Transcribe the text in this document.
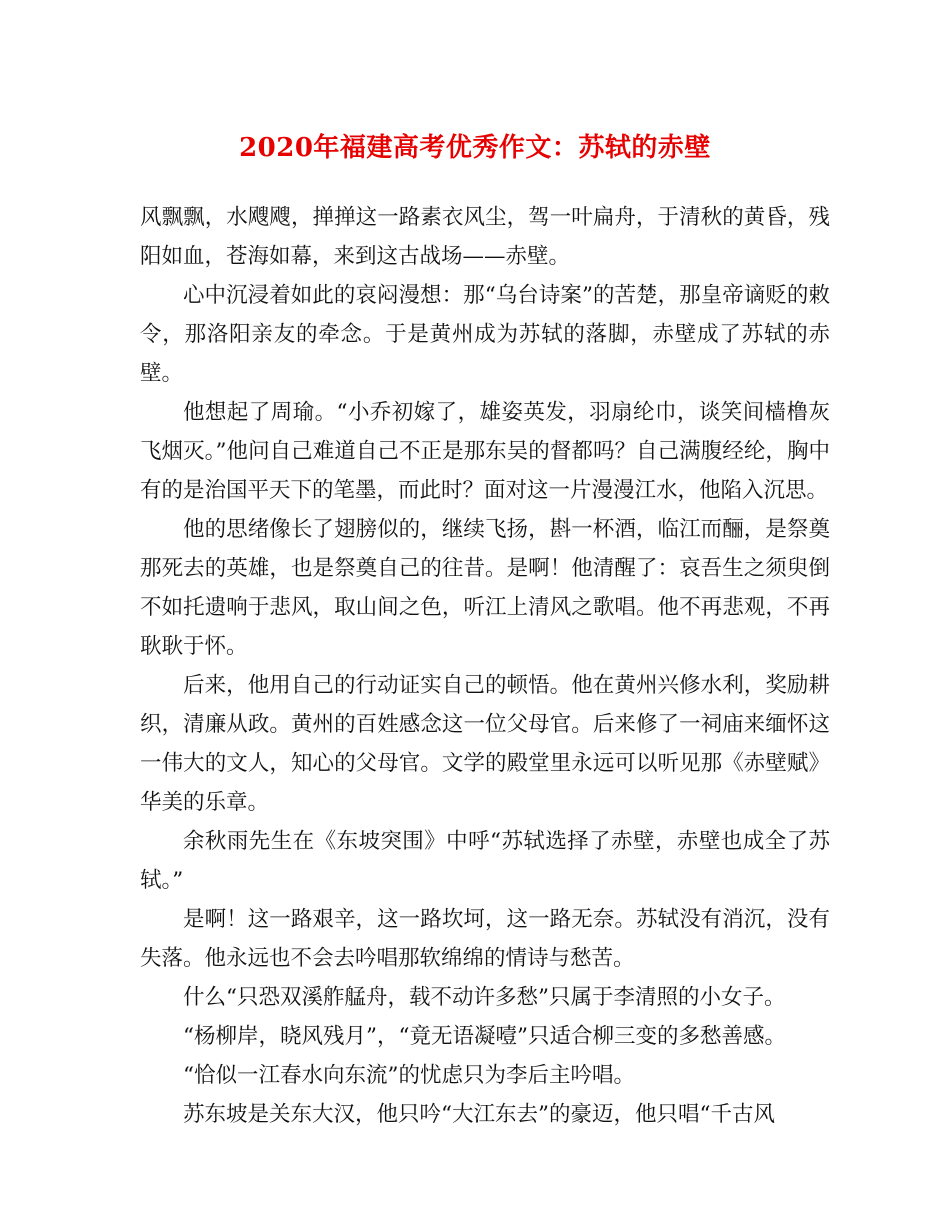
2020年福建高考优秀作文：苏轼的赤壁

风飘飘，水飕飕，掸掸这一路素衣风尘，驾一叶扁舟，于清秋的黄昏，残阳如血，苍海如幕，来到这古战场——赤壁。

心中沉浸着如此的哀闷漫想：那“乌台诗案”的苦楚，那皇帝谪贬的敕令，那洛阳亲友的牵念。于是黄州成为苏轼的落脚，赤壁成了苏轼的赤壁。

他想起了周瑜。“小乔初嫁了，雄姿英发，羽扇纶巾，谈笑间樯橹灰飞烟灭。”他问自己难道自己不正是那东吴的督都吗？自己满腹经纶，胸中有的是治国平天下的笔墨，而此时？面对这一片漫漫江水，他陷入沉思。

他的思绪像长了翅膀似的，继续飞扬，斟一杯酒，临江而酾，是祭奠那死去的英雄，也是祭奠自己的往昔。是啊！他清醒了：哀吾生之须臾倒不如托遗响于悲风，取山间之色，听江上清风之歌唱。他不再悲观，不再耿耿于怀。

后来，他用自己的行动证实自己的顿悟。他在黄州兴修水利，奖励耕织，清廉从政。黄州的百姓感念这一位父母官。后来修了一祠庙来缅怀这一伟大的文人，知心的父母官。文学的殿堂里永远可以听见那《赤壁赋》华美的乐章。

余秋雨先生在《东坡突围》中呼“苏轼选择了赤壁，赤壁也成全了苏轼。”

是啊！这一路艰辛，这一路坎坷，这一路无奈。苏轼没有消沉，没有失落。他永远也不会去吟唱那软绵绵的情诗与愁苦。

什么“只恐双溪舴艋舟，载不动许多愁”只属于李清照的小女子。

“杨柳岸，晓风残月”，“竟无语凝噎”只适合柳三变的多愁善感。

“恰似一江春水向东流”的忧虑只为李后主吟唱。

苏东坡是关东大汉，他只吟“大江东去”的豪迈，他只唱“千古风
